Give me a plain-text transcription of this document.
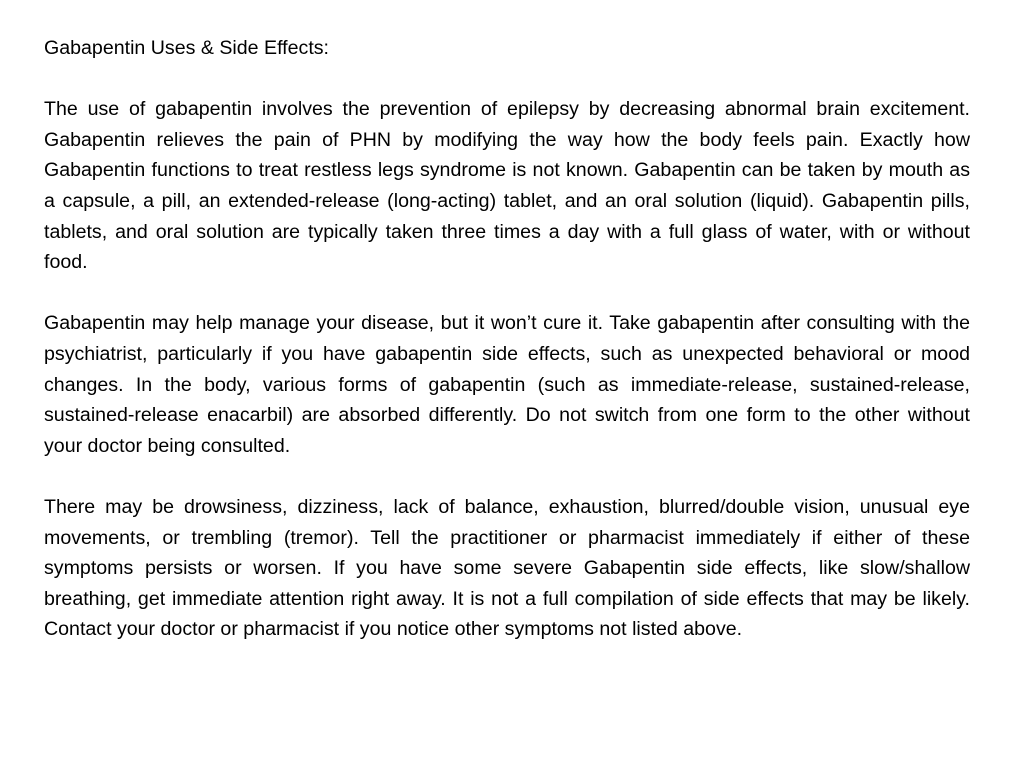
Gabapentin Uses & Side Effects:

The use of gabapentin involves the prevention of epilepsy by decreasing abnormal brain excitement. Gabapentin relieves the pain of PHN by modifying the way how the body feels pain. Exactly how Gabapentin functions to treat restless legs syndrome is not known. Gabapentin can be taken by mouth as a capsule, a pill, an extended-release (long-acting) tablet, and an oral solution (liquid). Gabapentin pills, tablets, and oral solution are typically taken three times a day with a full glass of water, with or without food.

Gabapentin may help manage your disease, but it won’t cure it. Take gabapentin after consulting with the psychiatrist, particularly if you have gabapentin side effects, such as unexpected behavioral or mood changes. In the body, various forms of gabapentin (such as immediate-release, sustained-release, sustained-release enacarbil) are absorbed differently. Do not switch from one form to the other without your doctor being consulted.

There may be drowsiness, dizziness, lack of balance, exhaustion, blurred/double vision, unusual eye movements, or trembling (tremor). Tell the practitioner or pharmacist immediately if either of these symptoms persists or worsen. If you have some severe Gabapentin side effects, like slow/shallow breathing, get immediate attention right away. It is not a full compilation of side effects that may be likely. Contact your doctor or pharmacist if you notice other symptoms not listed above.
